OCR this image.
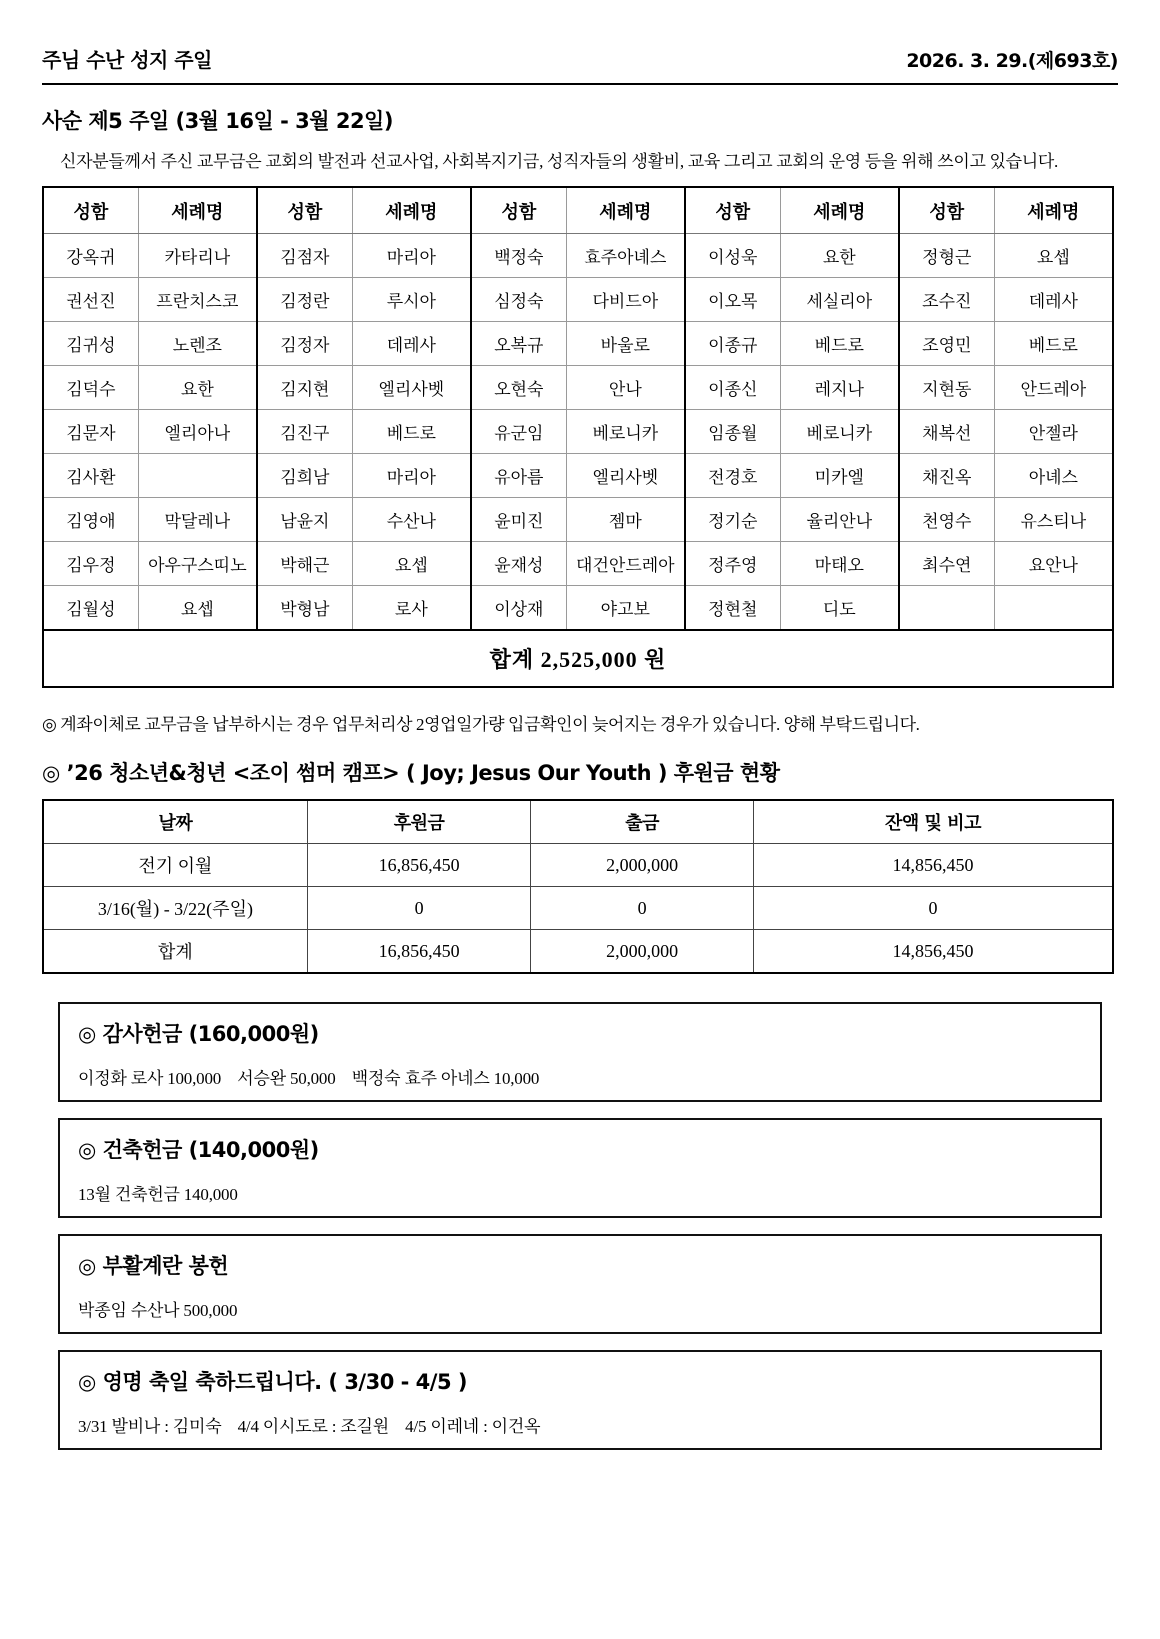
주님 수난 성지 주일	2026. 3. 29.(제693호)
사순 제5 주일 (3월 16일 - 3월 22일)
신자분들께서 주신 교무금은 교회의 발전과 선교사업, 사회복지기금, 성직자들의 생활비, 교육 그리고 교회의 운영 등을 위해 쓰이고 있습니다.
성함	세례명	성함	세례명	성함	세례명	성함	세례명	성함	세례명
강옥귀	카타리나	김점자	마리아	백정숙	효주아녜스	이성욱	요한	정형근	요셉
권선진	프란치스코	김정란	루시아	심정숙	다비드아	이오목	세실리아	조수진	데레사
김귀성	노렌조	김정자	데레사	오복규	바울로	이종규	베드로	조영민	베드로
김덕수	요한	김지현	엘리사벳	오현숙	안나	이종신	레지나	지현동	안드레아
김문자	엘리아나	김진구	베드로	유군임	베로니카	임종월	베로니카	채복선	안젤라
김사환		김희남	마리아	유아름	엘리사벳	전경호	미카엘	채진옥	아녜스
김영애	막달레나	남윤지	수산나	윤미진	젬마	정기순	율리안나	천영수	유스티나
김우정	아우구스띠노	박해근	요셉	윤재성	대건안드레아	정주영	마태오	최수연	요안나
김월성	요셉	박형남	로사	이상재	야고보	정현철	디도		
합계 2,525,000 원									
◎ 계좌이체로 교무금을 납부하시는 경우 업무처리상 2영업일가량 입금확인이 늦어지는 경우가 있습니다. 양해 부탁드립니다.
◎ ’26 청소년&청년 <조이 썸머 캠프> ( Joy; Jesus Our Youth ) 후원금 현황
날짜	후원금	출금	잔액 및 비고
전기 이월	16,856,450	2,000,000	14,856,450
3/16(월) - 3/22(주일)	0	0	0
합계	16,856,450	2,000,000	14,856,450
◎ 감사헌금 (160,000원)
이정화 로사 100,000    서승완 50,000    백정숙 효주 아네스 10,000
◎ 건축헌금 (140,000원)
13월 건축헌금 140,000
◎ 부활계란 봉헌
박종임 수산나 500,000
◎ 영명 축일 축하드립니다. ( 3/30 - 4/5 )
3/31 발비나 : 김미숙    4/4 이시도로 : 조길원    4/5 이레네 : 이건옥
